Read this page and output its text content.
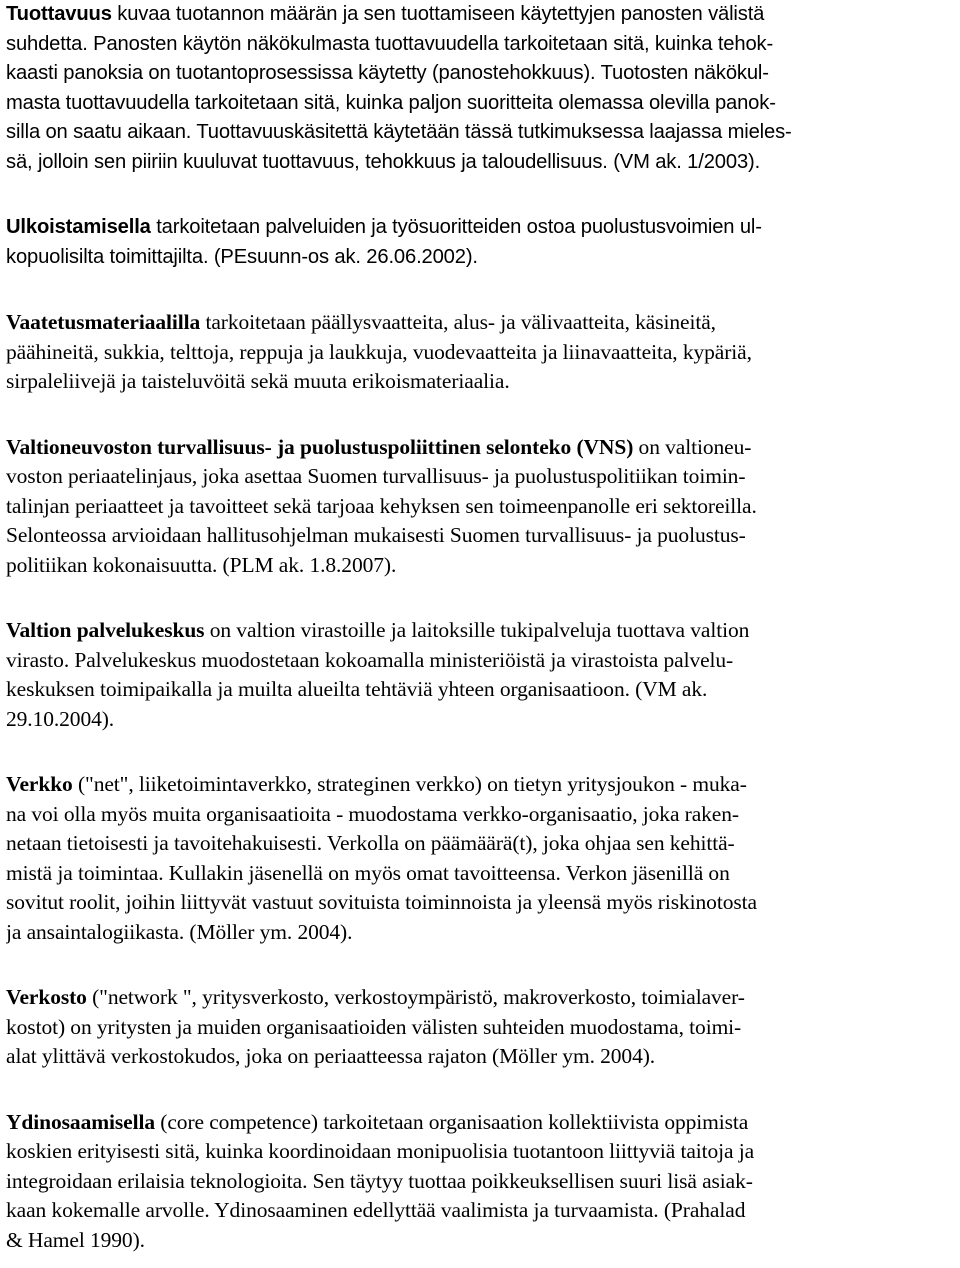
Tuottavuus kuvaa tuotannon määrän ja sen tuottamiseen käytettyjen panosten välistä
suhdetta. Panosten käytön näkökulmasta tuottavuudella tarkoitetaan sitä, kuinka tehok-
kaasti panoksia on tuotantoprosessissa käytetty (panostehokkuus). Tuotosten näkökul-
masta tuottavuudella tarkoitetaan sitä, kuinka paljon suoritteita olemassa olevilla panok-
silla on saatu aikaan. Tuottavuuskäsitettä käytetään tässä tutkimuksessa laajassa mieles-
sä, jolloin sen piiriin kuuluvat tuottavuus, tehokkuus ja taloudellisuus. (VM ak. 1/2003).
Ulkoistamisella tarkoitetaan palveluiden ja työsuoritteiden ostoa puolustusvoimien ul-
kopuolisilta toimittajilta. (PEsuunn-os ak. 26.06.2002).
Vaatetusmateriaalilla tarkoitetaan päällysvaatteita, alus- ja välivaatteita, käsineitä,
päähineitä, sukkia, telttoja, reppuja ja laukkuja, vuodevaatteita ja liinavaatteita, kypäriä,
sirpaleliivejä ja taisteluvöitä sekä muuta erikoismateriaalia.
Valtioneuvoston turvallisuus- ja puolustuspoliittinen selonteko (VNS) on valtioneu-
voston periaatelinjaus, joka asettaa Suomen turvallisuus- ja puolustuspolitiikan toimin-
talinjan periaatteet ja tavoitteet sekä tarjoaa kehyksen sen toimeenpanolle eri sektoreilla.
Selonteossa arvioidaan hallitusohjelman mukaisesti Suomen turvallisuus- ja puolustus-
politiikan kokonaisuutta. (PLM ak. 1.8.2007).
Valtion palvelukeskus on valtion virastoille ja laitoksille tukipalveluja tuottava valtion
virasto. Palvelukeskus muodostetaan kokoamalla ministeriöistä ja virastoista palvelu-
keskuksen toimipaikalla ja muilta alueilta tehtäviä yhteen organisaatioon. (VM ak.
29.10.2004).
Verkko ("net", liiketoimintaverkko, strateginen verkko) on tietyn yritysjoukon - muka-
na voi olla myös muita organisaatioita - muodostama verkko-organisaatio, joka raken-
netaan tietoisesti ja tavoitehakuisesti. Verkolla on päämäärä(t), joka ohjaa sen kehittä-
mistä ja toimintaa. Kullakin jäsenellä on myös omat tavoitteensa. Verkon jäsenillä on
sovitut roolit, joihin liittyvät vastuut sovituista toiminnoista ja yleensä myös riskinotosta
ja ansaintalogiikasta. (Möller ym. 2004).
Verkosto ("network ", yritysverkosto, verkostoympäristö, makroverkosto, toimialaver-
kostot) on yritysten ja muiden organisaatioiden välisten suhteiden muodostama, toimi-
alat ylittävä verkostokudos, joka on periaatteessa rajaton (Möller ym. 2004).
Ydinosaamisella (core competence) tarkoitetaan organisaation kollektiivista oppimista
koskien erityisesti sitä, kuinka koordinoidaan monipuolisia tuotantoon liittyviä taitoja ja
integroidaan erilaisia teknologioita. Sen täytyy tuottaa poikkeuksellisen suuri lisä asiak-
kaan kokemalle arvolle. Ydinosaaminen edellyttää vaalimista ja turvaamista. (Prahalad
& Hamel 1990).
